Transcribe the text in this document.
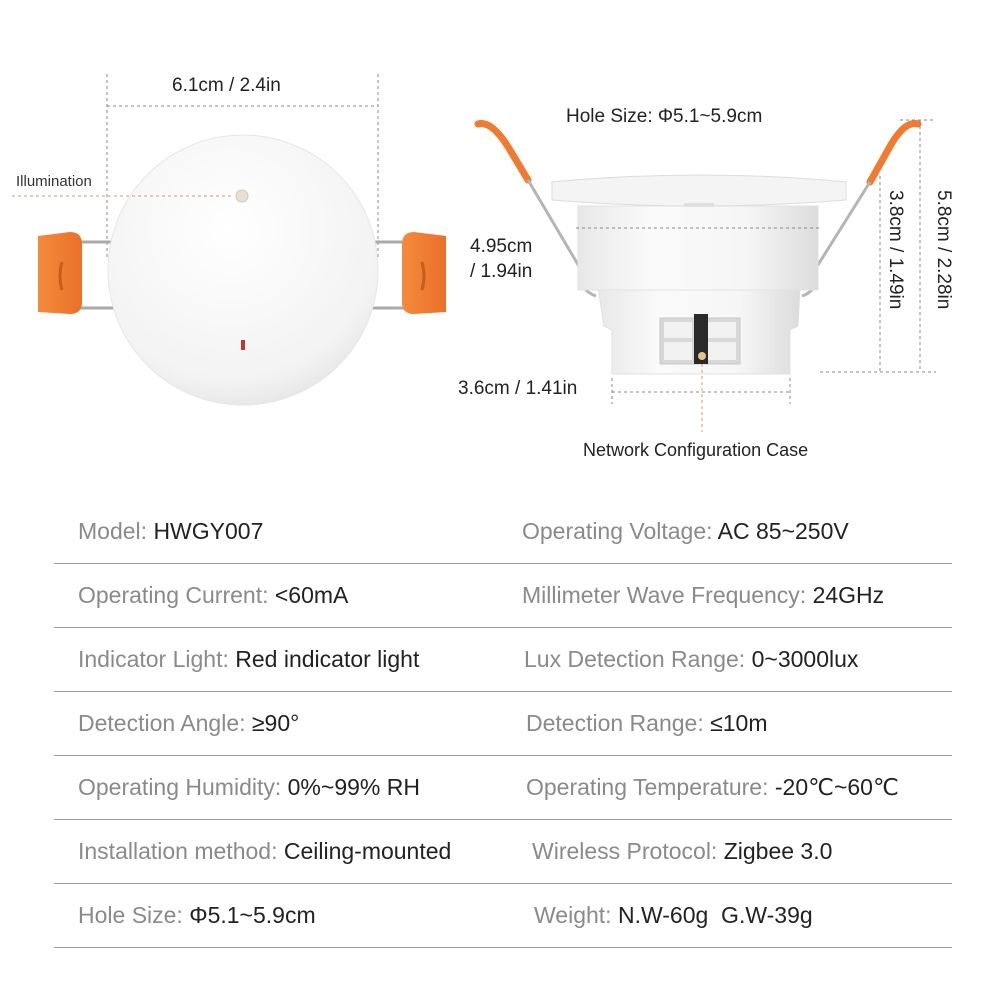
6.1cm / 2.4in
Illumination
Hole Size: Φ5.1~5.9cm
4.95cm
/ 1.94in
3.6cm / 1.41in
Network Configuration Case
3.8cm / 1.49in 5.8cm / 2.28in
Model: HWGY007	Operating Voltage: AC 85~250V
Operating Current: <60mA	Millimeter Wave Frequency: 24GHz
Indicator Light: Red indicator light	Lux Detection Range: 0~3000lux
Detection Angle: ≥90°	Detection Range: ≤10m
Operating Humidity: 0%~99% RH	Operating Temperature: -20℃~60℃
Installation method: Ceiling-mounted	Wireless Protocol: Zigbee 3.0
Hole Size: Φ5.1~5.9cm	Weight: N.W-60g  G.W-39g
